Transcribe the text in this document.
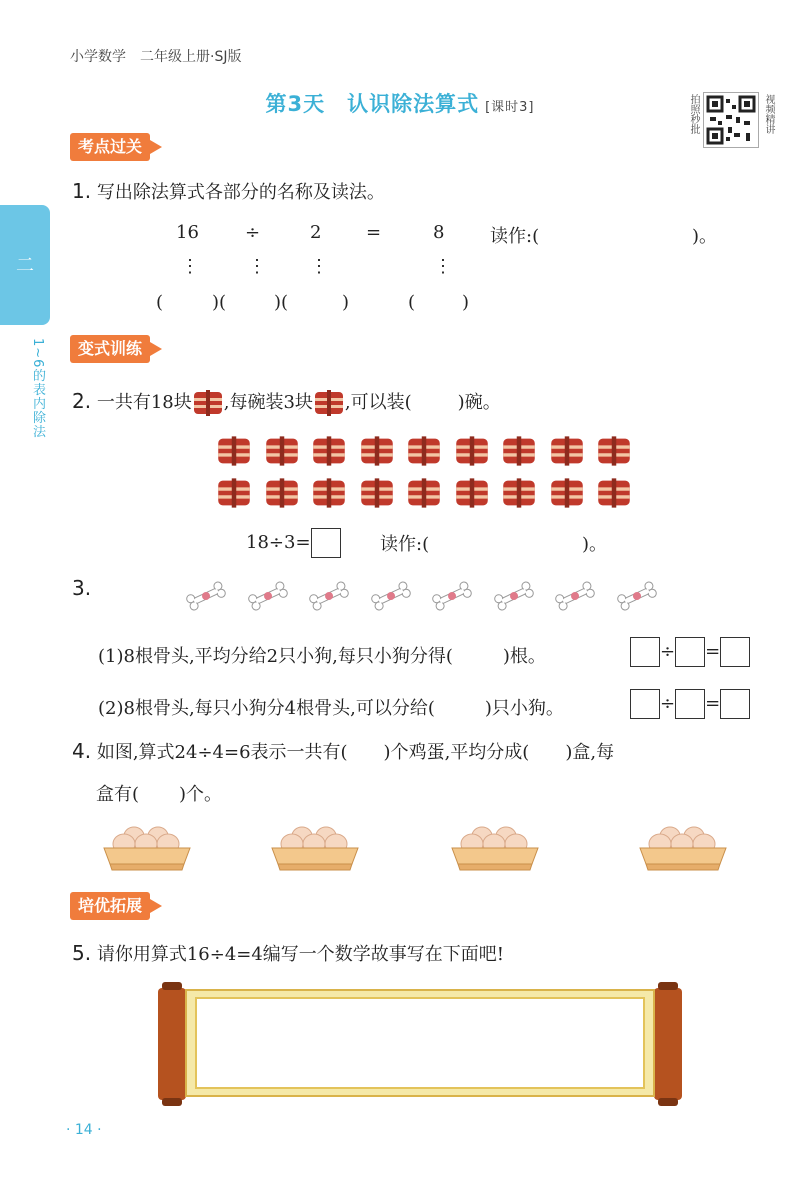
小学数学　二年级上册·SJ版
第3天　认识除法算式 [课时3]	拍照秒批	视频精讲
二
1~6的表内除法
考点过关
1. 写出除法算式各部分的名称及读法。
16	÷	2 =	8	读作:(	)。
⋮	⋮ ⋮	⋮
(	)(	)(	)	(	)
变式训练
2. 一共有18块 ,每碗装3块 ,可以装(	)碗。
18÷3=	读作:(	)。
3.
(1)8根骨头,平均分给2只小狗,每只小狗分得(	)根。	÷ =
(2)8根骨头,每只小狗分4根骨头,可以分给(	)只小狗。	÷ =
4. 如图,算式24÷4=6表示一共有( )个鸡蛋,平均分成( )盒,每
盒有( )个。
培优拓展
5. 请你用算式16÷4=4编写一个数学故事写在下面吧!
· 14 ·
